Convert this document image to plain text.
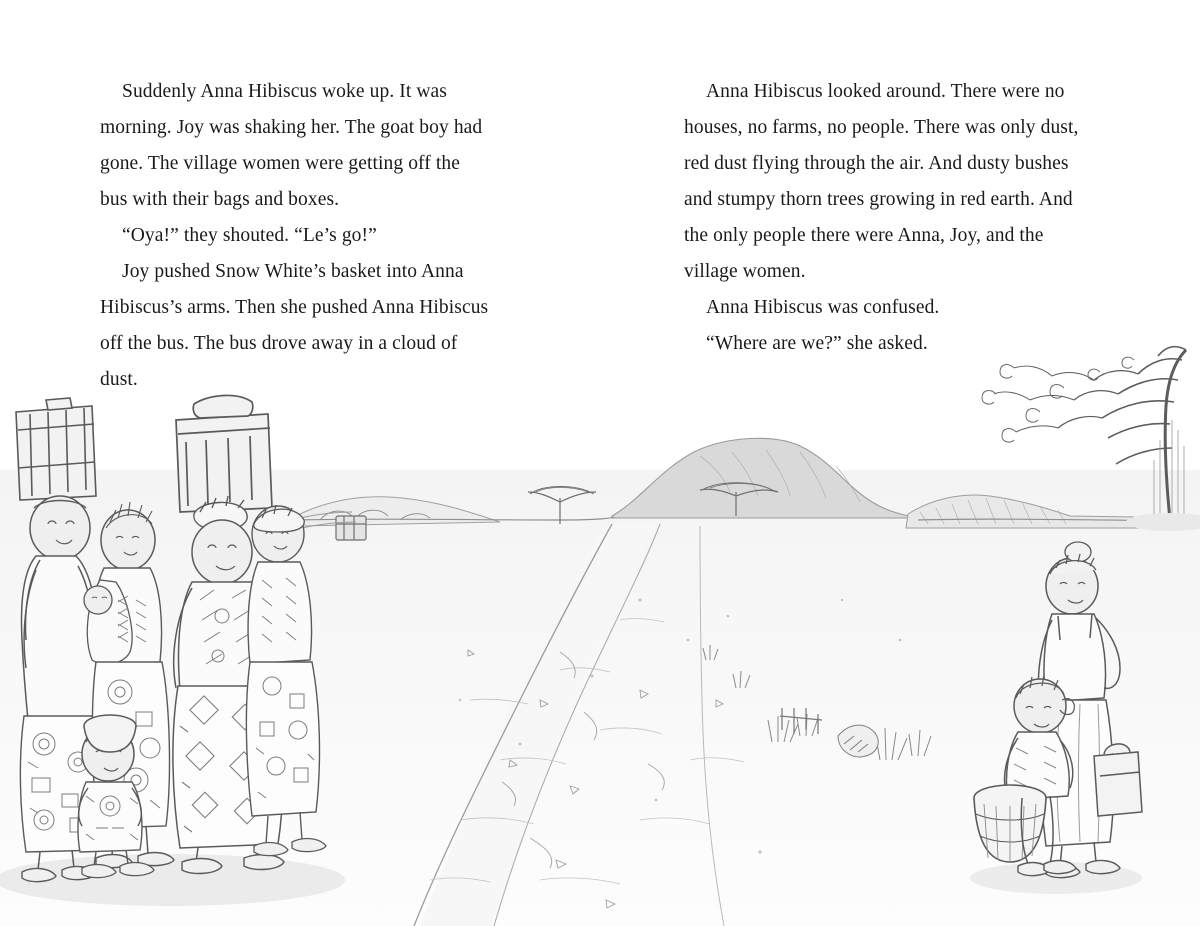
Suddenly Anna Hibiscus woke up. It was morning. Joy was shaking her. The goat boy had gone. The village women were getting off the bus with their bags and boxes.

“Oya!” they shouted. “Le’s go!”

Joy pushed Snow White’s basket into Anna Hibiscus’s arms. Then she pushed Anna Hibiscus off the bus. The bus drove away in a cloud of dust.

Anna Hibiscus looked around. There were no houses, no farms, no people. There was only dust, red dust flying through the air. And dusty bushes and stumpy thorn trees growing in red earth. And the only people there were Anna, Joy, and the village women.

Anna Hibiscus was confused.

“Where are we?” she asked.
